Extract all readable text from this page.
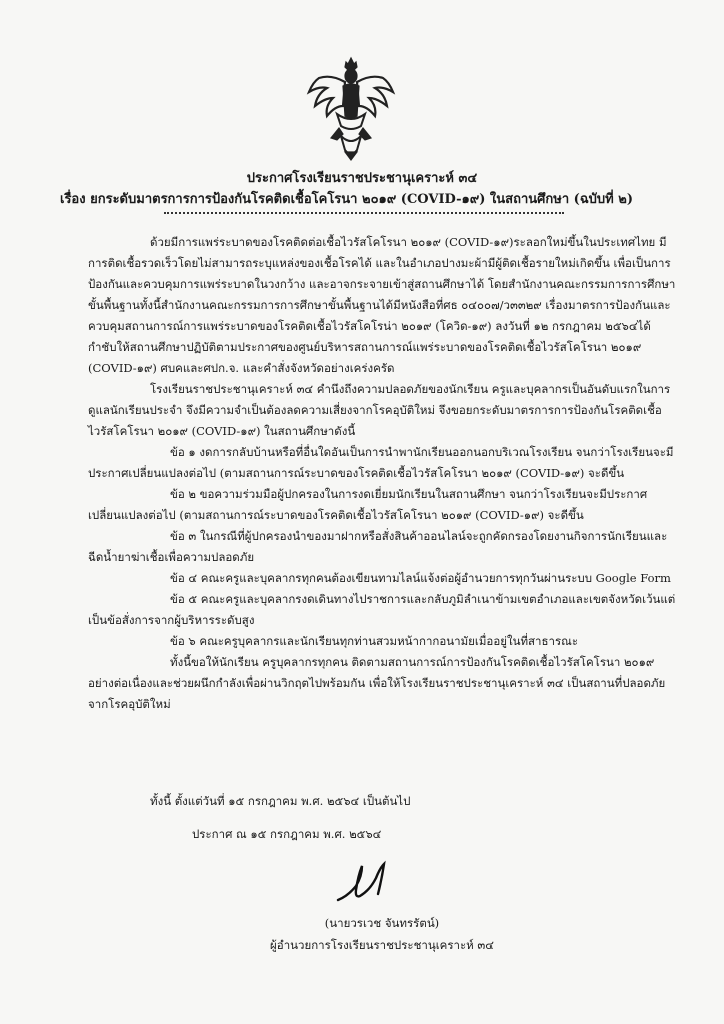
ประกาศโรงเรียนราชประชานุเคราะห์ ๓๔
เรื่อง ยกระดับมาตรการการป้องกันโรคติดเชื้อโคโรนา ๒๐๑๙ (COVID-๑๙) ในสถานศึกษา (ฉบับที่ ๒)

ด้วยมีการแพร่ระบาดของโรคติดต่อเชื้อไวรัสโคโรนา ๒๐๑๙ (COVID-๑๙)ระลอกใหม่ขึ้นในประเทศไทย มีการติดเชื้อรวดเร็วโดยไม่สามารถระบุแหล่งของเชื้อโรคได้ และในอำเภอปางมะผ้ามีผู้ติดเชื้อรายใหม่เกิดขึ้น เพื่อเป็นการป้องกันและควบคุมการแพร่ระบาดในวงกว้าง และอาจกระจายเข้าสู่สถานศึกษาได้ โดยสำนักงานคณะกรรมการการศึกษาขั้นพื้นฐานทั้งนี้สำนักงานคณะกรรมการการศึกษาขั้นพื้นฐานได้มีหนังสือที่ศธ ๐๔๐๐๗/ว๓๓๒๙ เรื่องมาตรการป้องกันและควบคุมสถานการณ์การแพร่ระบาดของโรคติดเชื้อไวรัสโคโรน่า ๒๐๑๙ (โควิด-๑๙) ลงวันที่ ๑๒ กรกฎาคม ๒๕๖๔ได้กำชับให้สถานศึกษาปฏิบัติตามประกาศของศูนย์บริหารสถานการณ์แพร่ระบาดของโรคติดเชื้อไวรัสโคโรนา ๒๐๑๙ (COVID-๑๙) ศบคและศปก.จ. และคำสั่งจังหวัดอย่างเคร่งครัด

โรงเรียนราชประชานุเคราะห์ ๓๔ คำนึงถึงความปลอดภัยของนักเรียน ครูและบุคลากรเป็นอันดับแรกในการดูแลนักเรียนประจำ จึงมีความจำเป็นต้องลดความเสี่ยงจากโรคอุบัติใหม่ จึงขอยกระดับมาตรการการป้องกันโรคติดเชื้อไวรัสโคโรนา ๒๐๑๙ (COVID-๑๙) ในสถานศึกษาดังนี้

ข้อ ๑ งดการกลับบ้านหรือที่อื่นใดอันเป็นการนำพานักเรียนออกนอกบริเวณโรงเรียน จนกว่าโรงเรียนจะมีประกาศเปลี่ยนแปลงต่อไป (ตามสถานการณ์ระบาดของโรคติดเชื้อไวรัสโคโรนา ๒๐๑๙ (COVID-๑๙) จะดีขึ้น

ข้อ ๒ ขอความร่วมมือผู้ปกครองในการงดเยี่ยมนักเรียนในสถานศึกษา จนกว่าโรงเรียนจะมีประกาศเปลี่ยนแปลงต่อไป (ตามสถานการณ์ระบาดของโรคติดเชื้อไวรัสโคโรนา ๒๐๑๙ (COVID-๑๙) จะดีขึ้น

ข้อ ๓ ในกรณีที่ผู้ปกครองนำของมาฝากหรือสั่งสินค้าออนไลน์จะถูกคัดกรองโดยงานกิจการนักเรียนและฉีดน้ำยาฆ่าเชื้อเพื่อความปลอดภัย

ข้อ ๔ คณะครูและบุคลากรทุกคนต้องเขียนทามไลน์แจ้งต่อผู้อำนวยการทุกวันผ่านระบบ Google Form

ข้อ ๕ คณะครูและบุคลากรงดเดินทางไปราชการและกลับภูมิลำเนาข้ามเขตอำเภอและเขตจังหวัดเว้นแต่เป็นข้อสั่งการจากผู้บริหารระดับสูง

ข้อ ๖ คณะครูบุคลากรและนักเรียนทุกท่านสวมหน้ากากอนามัยเมื่ออยู่ในที่สาธารณะ

ทั้งนี้ขอให้นักเรียน ครูบุคลากรทุกคน ติดตามสถานการณ์การป้องกันโรคติดเชื้อไวรัสโคโรนา ๒๐๑๙ อย่างต่อเนื่องและช่วยผนึกกำลังเพื่อผ่านวิกฤตไปพร้อมกัน เพื่อให้โรงเรียนราชประชานุเคราะห์ ๓๔ เป็นสถานที่ปลอดภัยจากโรคอุบัติใหม่

ทั้งนี้ ตั้งแต่วันที่ ๑๕ กรกฎาคม พ.ศ. ๒๕๖๔ เป็นต้นไป
ประกาศ ณ ๑๕ กรกฎาคม พ.ศ. ๒๕๖๔
(นายวรเวช จันทรรัตน์)
ผู้อำนวยการโรงเรียนราชประชานุเคราะห์ ๓๔
